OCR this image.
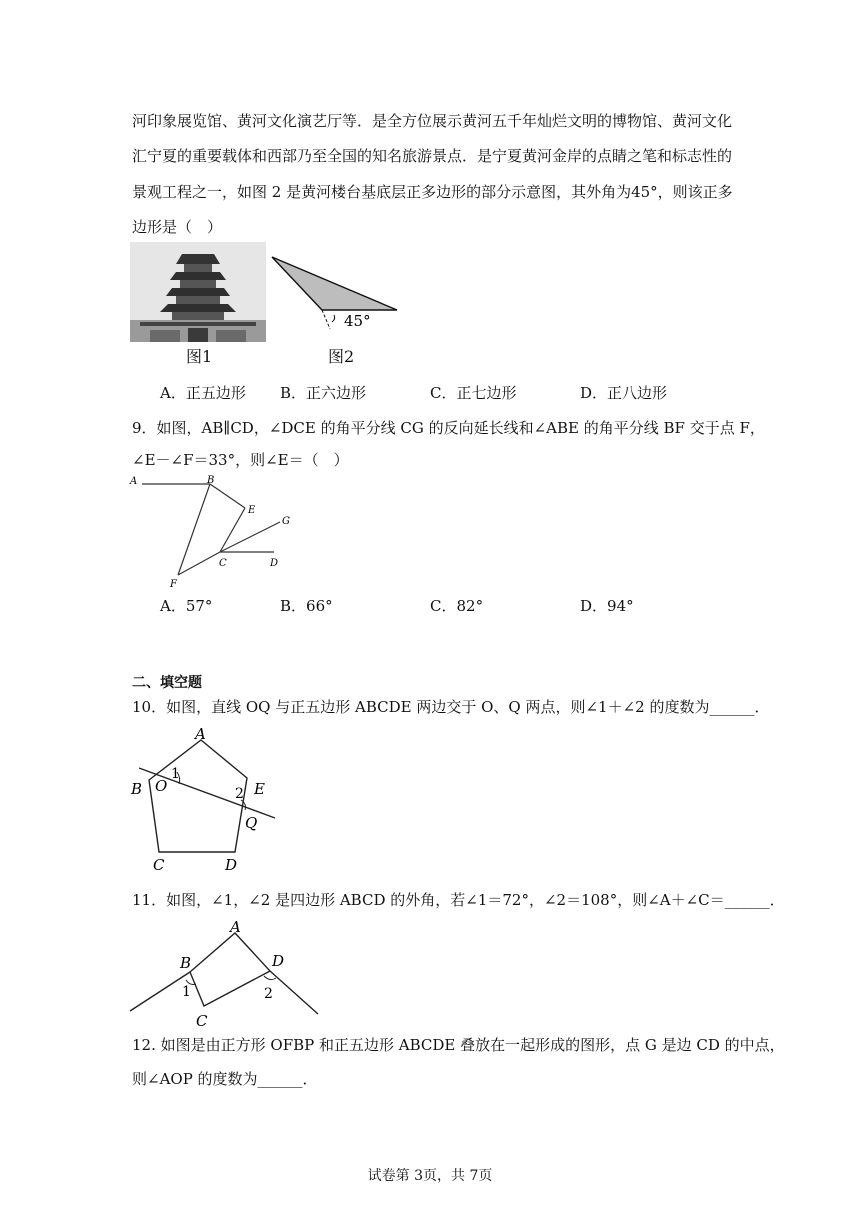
河印象展览馆、黄河文化演艺厅等．是全方位展示黄河五千年灿烂文明的博物馆、黄河文化
汇宁夏的重要载体和西部乃至全国的知名旅游景点．是宁夏黄河金岸的点睛之笔和标志性的
景观工程之一，如图 2 是黄河楼台基底层正多边形的部分示意图，其外角为45°，则该正多
边形是（　）
图1
45°
图2
A．正五边形 B．正六边形	C．正七边形	D．正八边形
9．如图，AB∥CD，∠DCE 的角平分线 CG 的反向延长线和∠ABE 的角平分线 BF 交于点 F，
∠E－∠F＝33°，则∠E＝（　）
A	B
E
G
C	D
F
A．57°	B．66°	C．82°	D．94°
二、填空题
10．如图，直线 OQ 与正五边形 ABCDE 两边交于 O、Q 两点，则∠1＋∠2 的度数为______．
A
B
C	D
E
O
Q
1
2
11．如图，∠1，∠2 是四边形 ABCD 的外角，若∠1＝72°，∠2＝108°，则∠A＋∠C＝______．
A
B
C
D
1	2
12. 如图是由正方形 OFBP 和正五边形 ABCDE 叠放在一起形成的图形，点 G 是边 CD 的中点，
则∠AOP 的度数为______．
试卷第 3页，共 7页
